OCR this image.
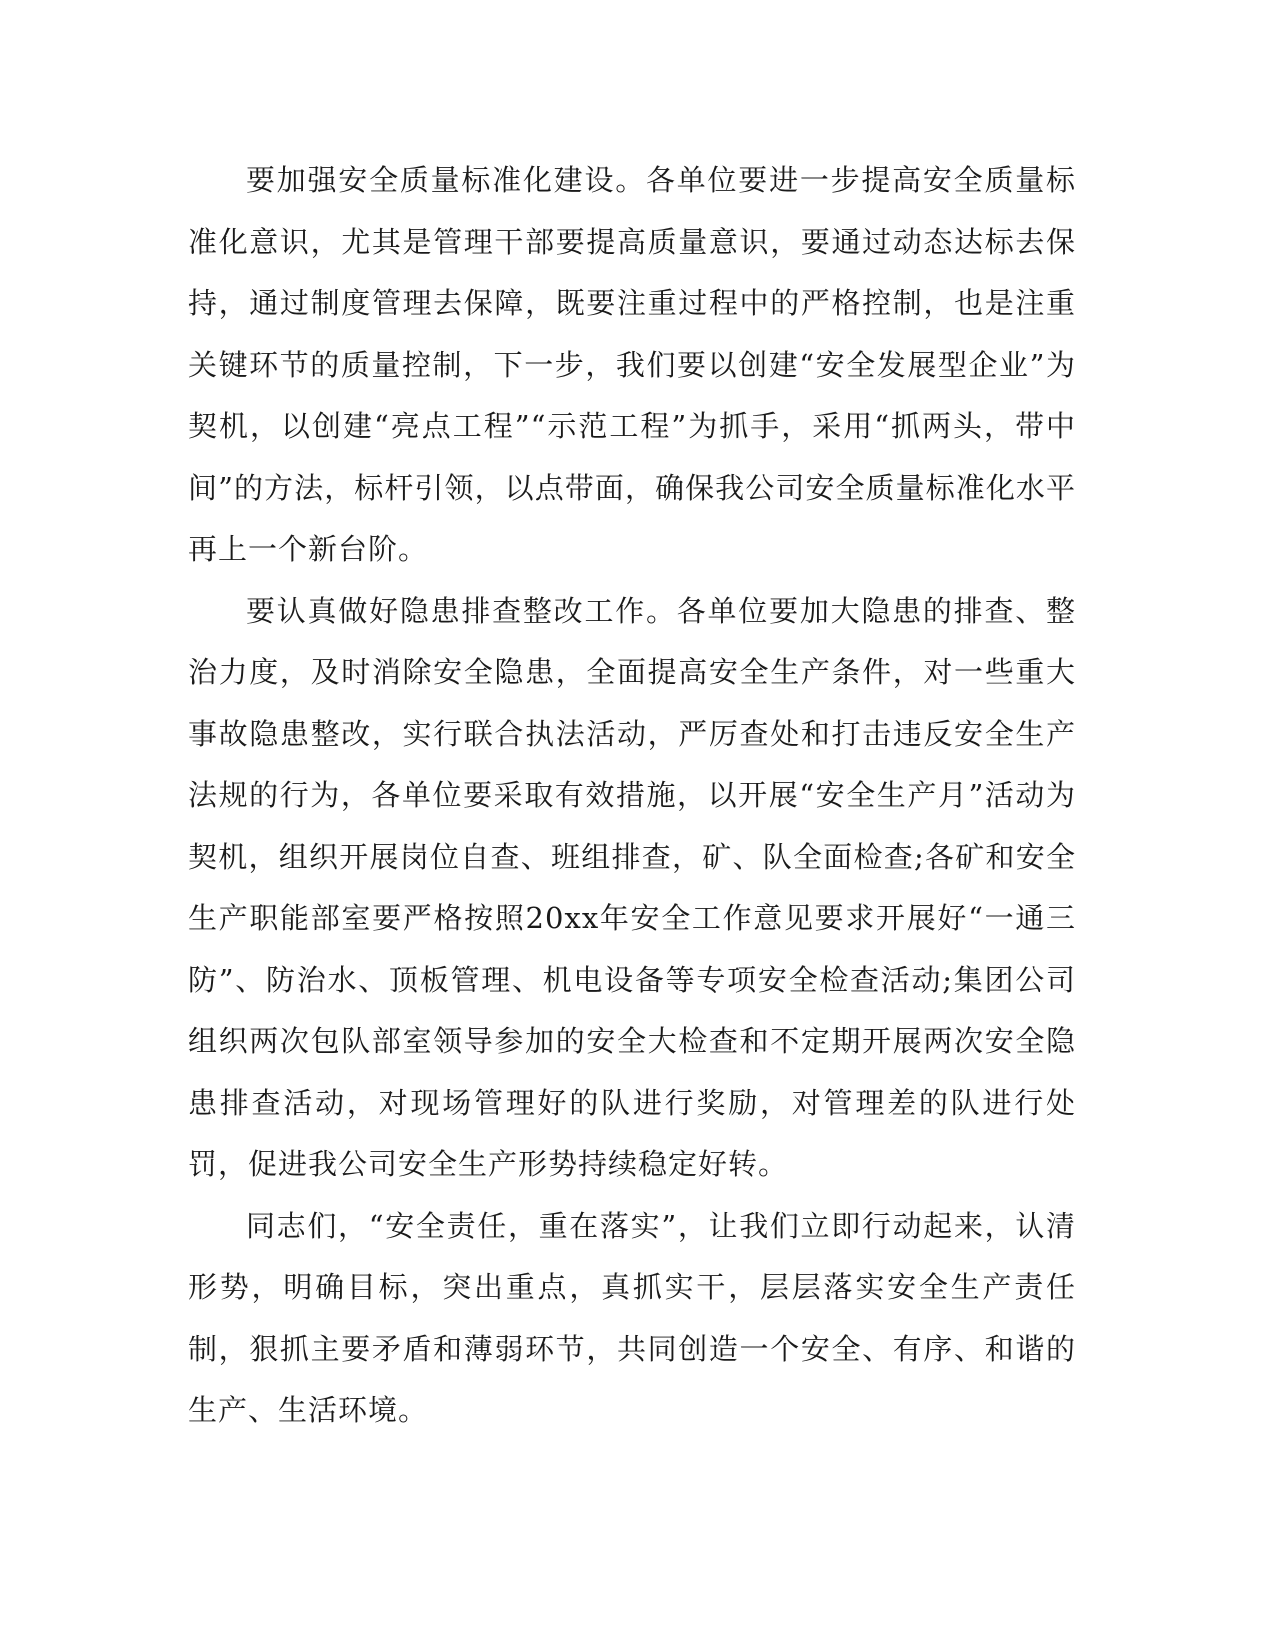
要加强安全质量标准化建设。各单位要进一步提高安全质量标准化意识，尤其是管理干部要提高质量意识，要通过动态达标去保持，通过制度管理去保障，既要注重过程中的严格控制，也是注重关键环节的质量控制，下一步，我们要以创建“安全发展型企业”为契机，以创建“亮点工程”“示范工程”为抓手，采用“抓两头，带中间”的方法，标杆引领，以点带面，确保我公司安全质量标准化水平再上一个新台阶。

要认真做好隐患排查整改工作。各单位要加大隐患的排查、整治力度，及时消除安全隐患，全面提高安全生产条件，对一些重大事故隐患整改，实行联合执法活动，严厉查处和打击违反安全生产法规的行为，各单位要采取有效措施，以开展“安全生产月”活动为契机，组织开展岗位自查、班组排查，矿、队全面检查;各矿和安全生产职能部室要严格按照20xx年安全工作意见要求开展好“一通三防”、防治水、顶板管理、机电设备等专项安全检查活动;集团公司组织两次包队部室领导参加的安全大检查和不定期开展两次安全隐患排查活动，对现场管理好的队进行奖励，对管理差的队进行处罚，促进我公司安全生产形势持续稳定好转。

同志们，“安全责任，重在落实”，让我们立即行动起来，认清形势，明确目标，突出重点，真抓实干，层层落实安全生产责任制，狠抓主要矛盾和薄弱环节，共同创造一个安全、有序、和谐的生产、生活环境。
